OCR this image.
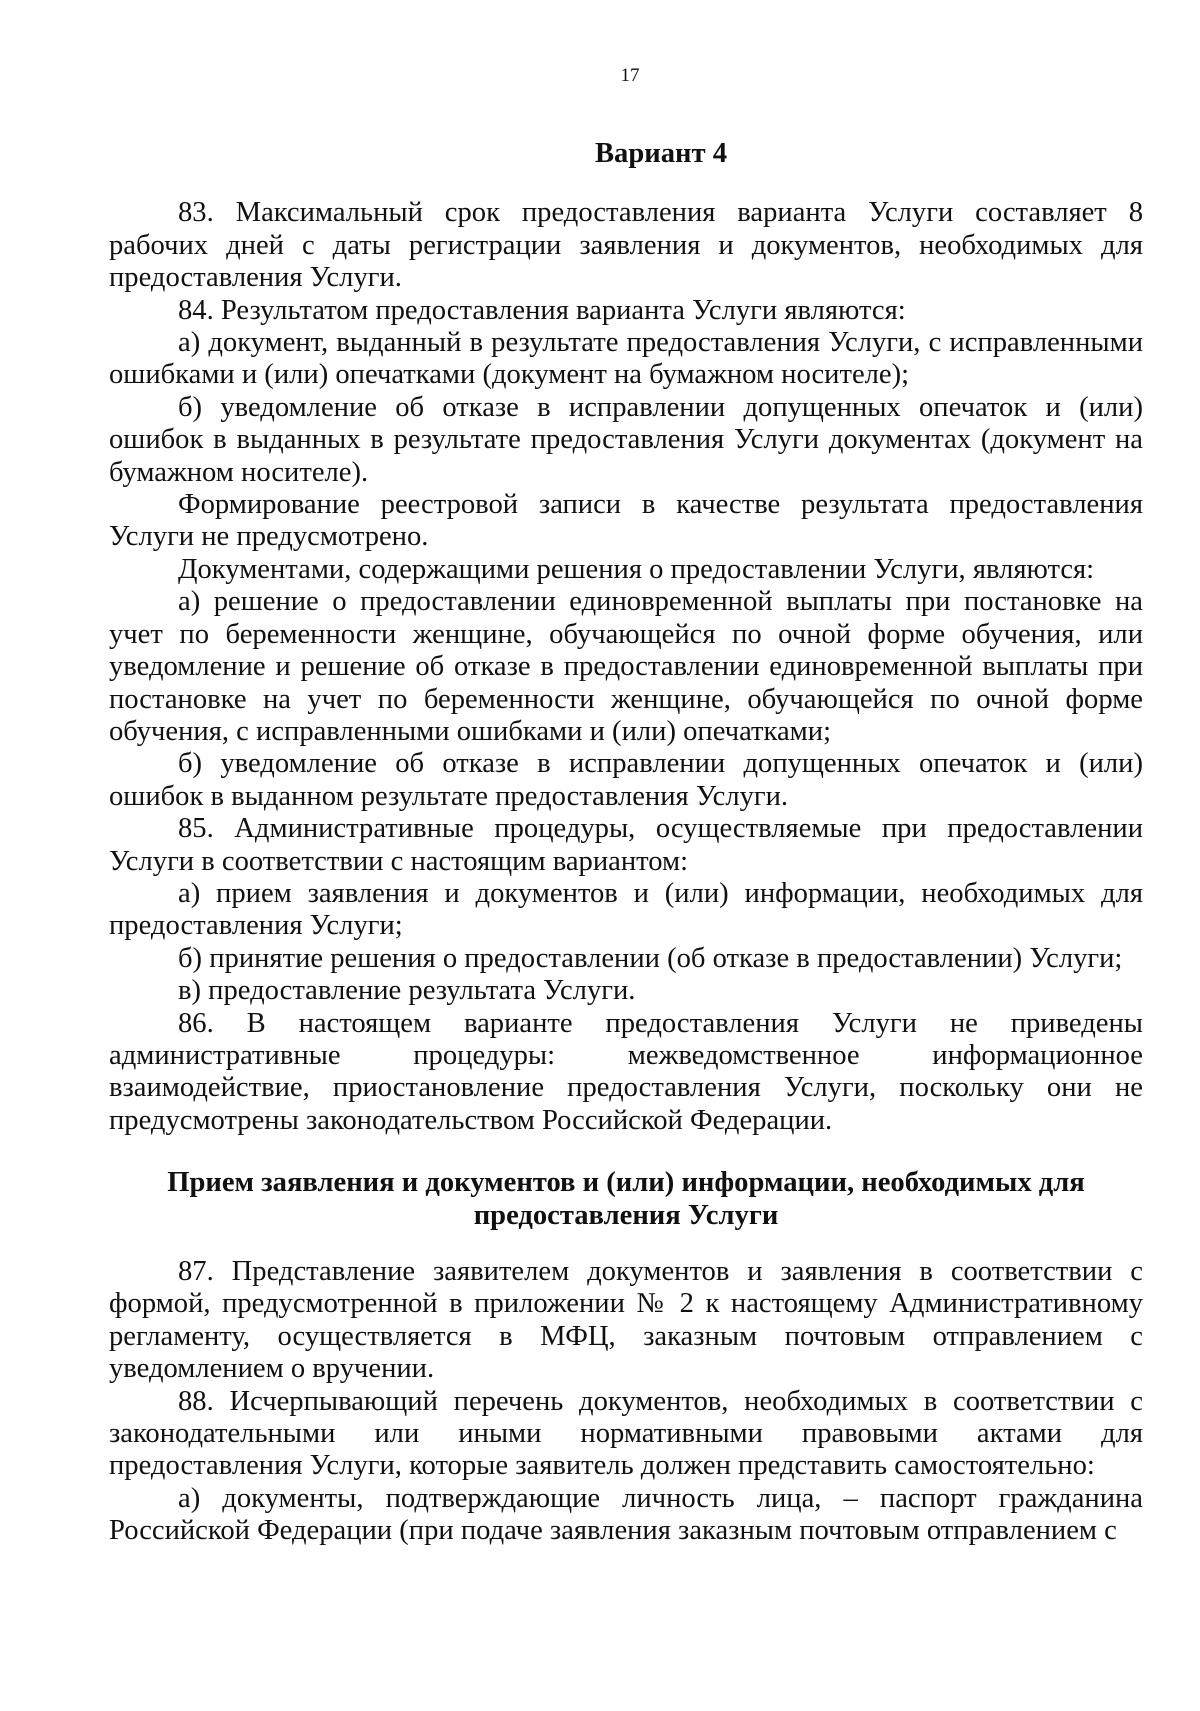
17
Вариант 4

83. Максимальный срок предоставления варианта Услуги составляет 8 рабочих дней с даты регистрации заявления и документов, необходимых для предоставления Услуги.

84. Результатом предоставления варианта Услуги являются:

а) документ, выданный в результате предоставления Услуги, с исправленными ошибками и (или) опечатками (документ на бумажном носителе);

б) уведомление об отказе в исправлении допущенных опечаток и (или) ошибок в выданных в результате предоставления Услуги документах (документ на бумажном носителе).

Формирование реестровой записи в качестве результата предоставления Услуги не предусмотрено.

Документами, содержащими решения о предоставлении Услуги, являются:

а) решение о предоставлении единовременной выплаты при постановке на учет по беременности женщине, обучающейся по очной форме обучения, или уведомление и решение об отказе в предоставлении единовременной выплаты при постановке на учет по беременности женщине, обучающейся по очной форме обучения, с исправленными ошибками и (или) опечатками;

б) уведомление об отказе в исправлении допущенных опечаток и (или) ошибок в выданном результате предоставления Услуги.

85. Административные процедуры, осуществляемые при предоставлении Услуги в соответствии с настоящим вариантом:

а) прием заявления и документов и (или) информации, необходимых для предоставления Услуги;

б) принятие решения о предоставлении (об отказе в предоставлении) Услуги;

в) предоставление результата Услуги.

86. В настоящем варианте предоставления Услуги не приведены административные процедуры: межведомственное информационное взаимодействие, приостановление предоставления Услуги, поскольку они не предусмотрены законодательством Российской Федерации.

Прием заявления и документов и (или) информации, необходимых для предоставления Услуги

87. Представление заявителем документов и заявления в соответствии с формой, предусмотренной в приложении № 2 к настоящему Административному регламенту, осуществляется в МФЦ, заказным почтовым отправлением с уведомлением о вручении.

88. Исчерпывающий перечень документов, необходимых в соответствии с законодательными или иными нормативными правовыми актами для предоставления Услуги, которые заявитель должен представить самостоятельно:

а) документы, подтверждающие личность лица, – паспорт гражданина Российской Федерации (при подаче заявления заказным почтовым отправлением с
